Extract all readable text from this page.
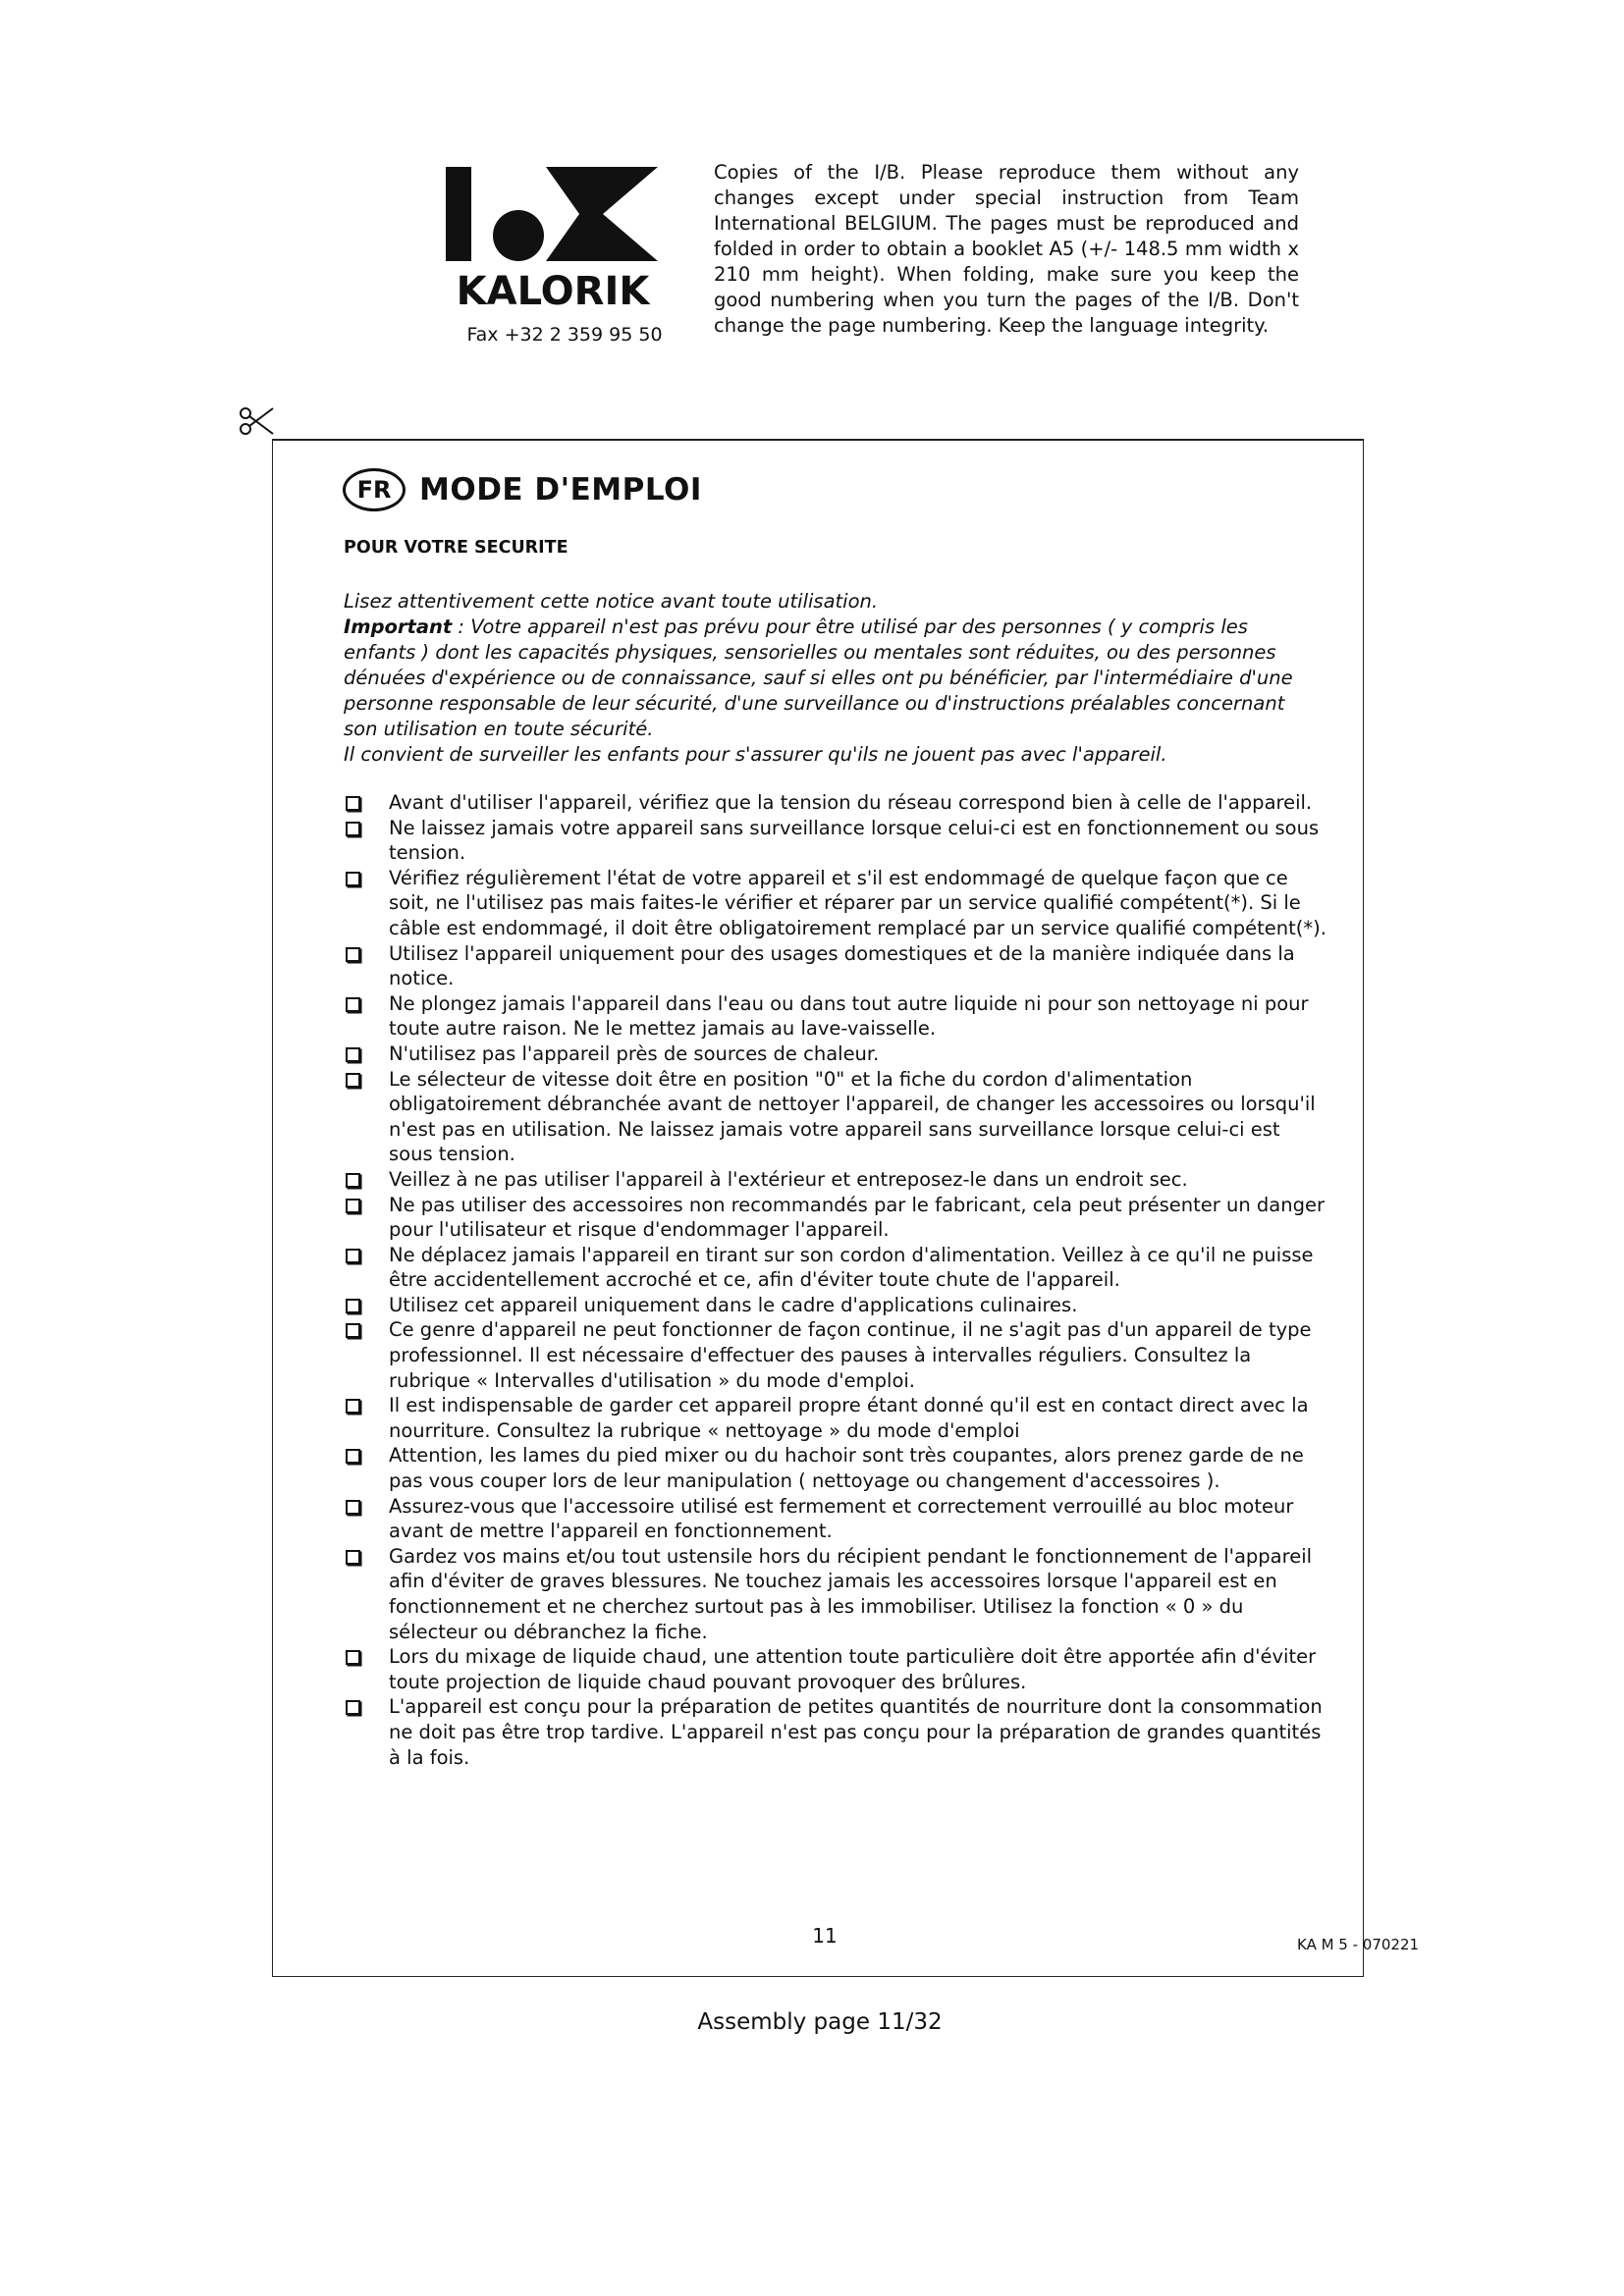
KALORIK

Fax +32 2 359 95 50

Copies of the I/B. Please reproduce them without any changes except under special instruction from Team International BELGIUM. The pages must be reproduced and folded in order to obtain a booklet A5 (+/- 148.5 mm width x 210 mm height). When folding, make sure you keep the good numbering when you turn the pages of the I/B. Don't change the page numbering. Keep the language integrity.

FR MODE D'EMPLOI

POUR VOTRE SECURITE

Lisez attentivement cette notice avant toute utilisation.

Important : Votre appareil n'est pas prévu pour être utilisé par des personnes ( y compris les enfants ) dont les capacités physiques, sensorielles ou mentales sont réduites, ou des personnes dénuées d'expérience ou de connaissance, sauf si elles ont pu bénéficier, par l'intermédiaire d'une personne responsable de leur sécurité, d'une surveillance ou d'instructions préalables concernant son utilisation en toute sécurité.

Il convient de surveiller les enfants pour s'assurer qu'ils ne jouent pas avec l'appareil.

Avant d'utiliser l'appareil, vérifiez que la tension du réseau correspond bien à celle de l'appareil.
Ne laissez jamais votre appareil sans surveillance lorsque celui-ci est en fonctionnement ou sous tension.
Vérifiez régulièrement l'état de votre appareil et s'il est endommagé de quelque façon que ce soit, ne l'utilisez pas mais faites-le vérifier et réparer par un service qualifié compétent(*). Si le câble est endommagé, il doit être obligatoirement remplacé par un service qualifié compétent(*).
Utilisez l'appareil uniquement pour des usages domestiques et de la manière indiquée dans la notice.
Ne plongez jamais l'appareil dans l'eau ou dans tout autre liquide ni pour son nettoyage ni pour toute autre raison. Ne le mettez jamais au lave-vaisselle.
N'utilisez pas l'appareil près de sources de chaleur.
Le sélecteur de vitesse doit être en position "0" et la fiche du cordon d'alimentation obligatoirement débranchée avant de nettoyer l'appareil, de changer les accessoires ou lorsqu'il n'est pas en utilisation. Ne laissez jamais votre appareil sans surveillance lorsque celui-ci est sous tension.
Veillez à ne pas utiliser l'appareil à l'extérieur et entreposez-le dans un endroit sec.
Ne pas utiliser des accessoires non recommandés par le fabricant, cela peut présenter un danger pour l'utilisateur et risque d'endommager l'appareil.
Ne déplacez jamais l'appareil en tirant sur son cordon d'alimentation. Veillez à ce qu'il ne puisse être accidentellement accroché et ce, afin d'éviter toute chute de l'appareil.
Utilisez cet appareil uniquement dans le cadre d'applications culinaires.
Ce genre d'appareil ne peut fonctionner de façon continue, il ne s'agit pas d'un appareil de type professionnel. Il est nécessaire d'effectuer des pauses à intervalles réguliers. Consultez la rubrique « Intervalles d'utilisation » du mode d'emploi.
Il est indispensable de garder cet appareil propre étant donné qu'il est en contact direct avec la nourriture. Consultez la rubrique « nettoyage » du mode d'emploi
Attention, les lames du pied mixer ou du hachoir sont très coupantes, alors prenez garde de ne pas vous couper lors de leur manipulation ( nettoyage ou changement d'accessoires ).
Assurez-vous que l'accessoire utilisé est fermement et correctement verrouillé au bloc moteur avant de mettre l'appareil en fonctionnement.
Gardez vos mains et/ou tout ustensile hors du récipient pendant le fonctionnement de l'appareil afin d'éviter de graves blessures. Ne touchez jamais les accessoires lorsque l'appareil est en fonctionnement et ne cherchez surtout pas à les immobiliser. Utilisez la fonction « 0 » du sélecteur ou débranchez la fiche.
Lors du mixage de liquide chaud, une attention toute particulière doit être apportée afin d'éviter toute projection de liquide chaud pouvant provoquer des brûlures.
L'appareil est conçu pour la préparation de petites quantités de nourriture dont la consommation ne doit pas être trop tardive. L'appareil n'est pas conçu pour la préparation de grandes quantités à la fois.

11	KA M 5 - 070221

Assembly page 11/32
